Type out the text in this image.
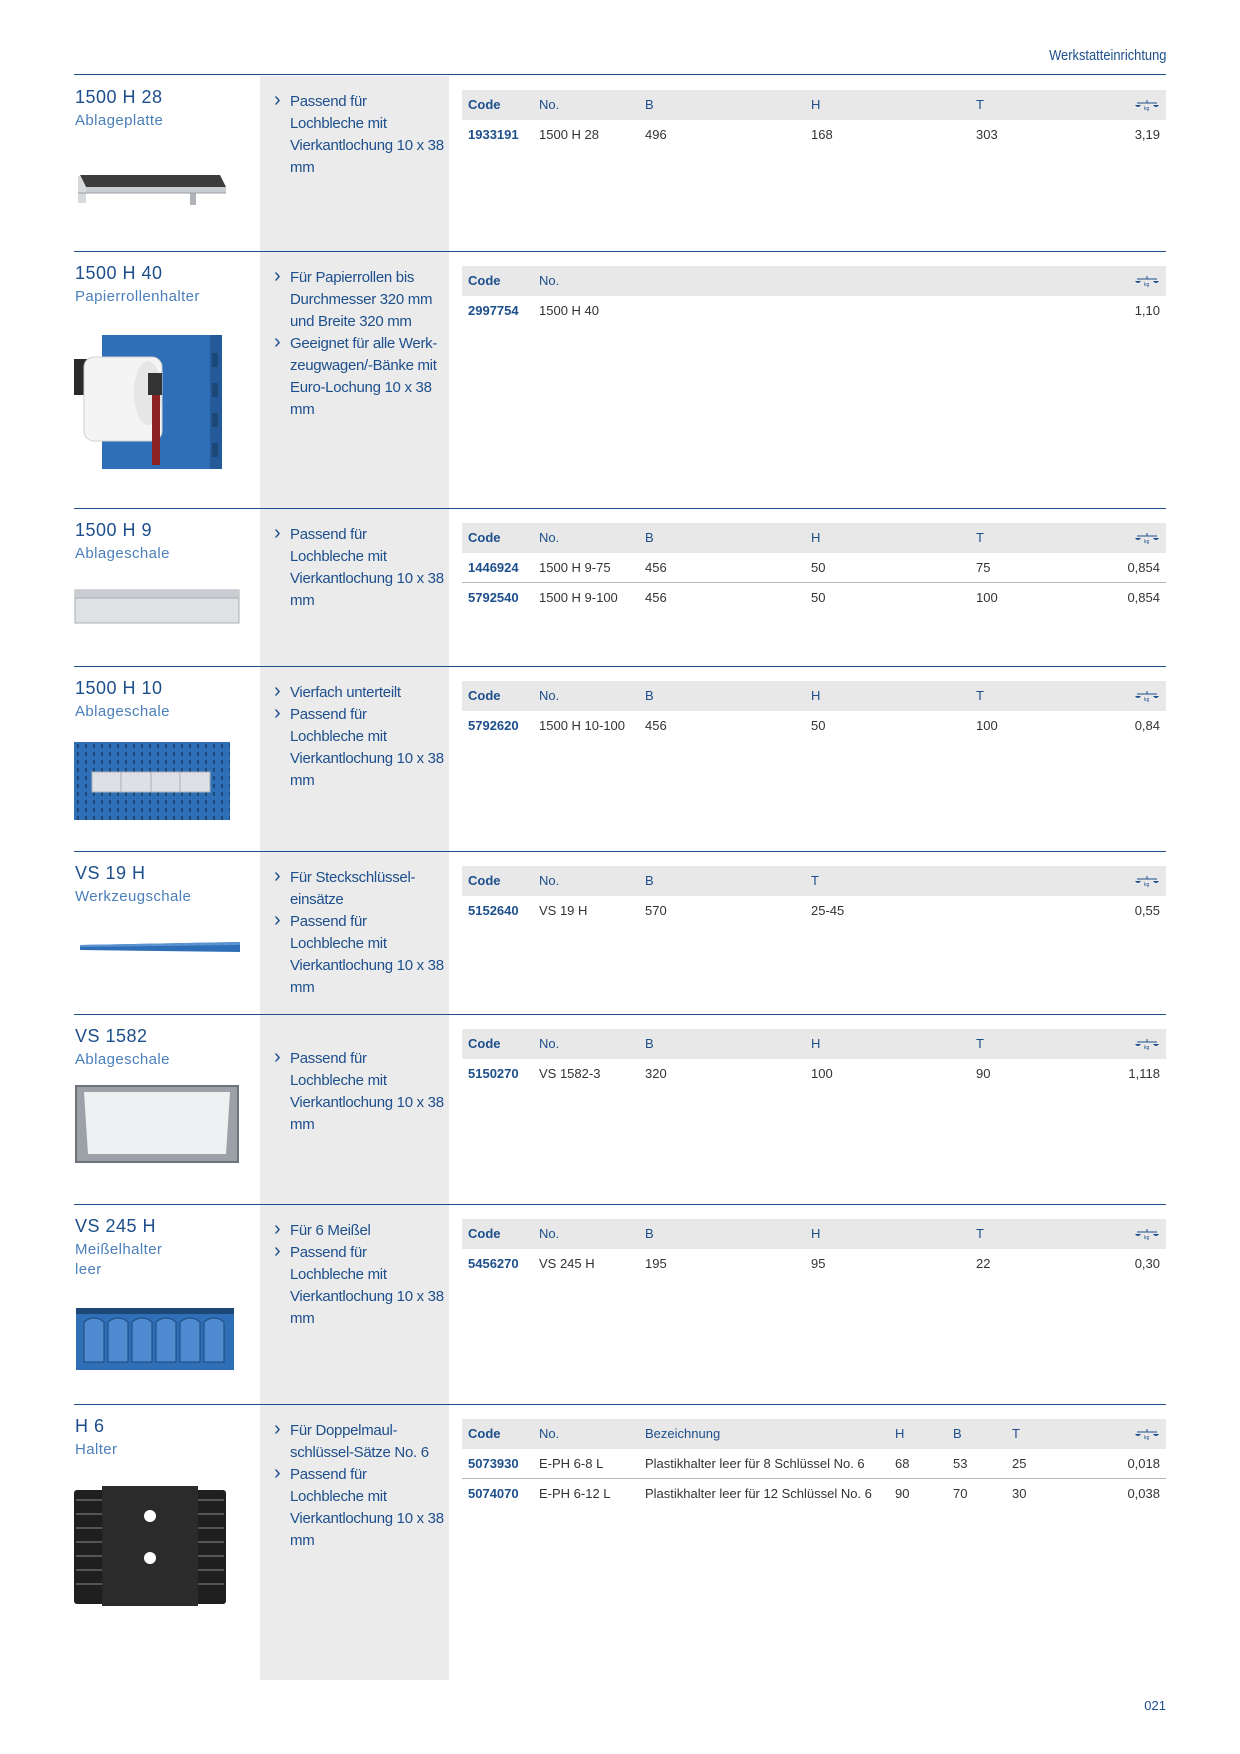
Werkstatteinrichtung
1500 H 28
Ablageplatte
› Passend für Lochbleche mit Vierkantlochung 10 x 38 mm
Code	No.	B	H	T	kg
1933191 1500 H 28	496	168	303	3,19
1500 H 40
Papierrollenhalter
› Für Papierrollen bis Durchmesser 320 mm und Breite 320 mm
› Geeignet für alle Werk-zeugwagen/-Bänke mit Euro-Lochung 10 x 38 mm
Code	No.	kg
2997754 1500 H 40	1,10
1500 H 9
Ablageschale
› Passend für Lochbleche mit Vierkantlochung 10 x 38 mm
Code	No.	B	H	T	kg
1446924 1500 H 9-75	456	50	75	0,854
5792540 1500 H 9-100 456	50	100	0,854
1500 H 10
Ablageschale
› Vierfach unterteilt
› Passend für Lochbleche mit Vierkantlochung 10 x 38 mm
Code	No.	B	H	T	kg
5792620 1500 H 10-100 456	50	100	0,84
VS 19 H
Werkzeugschale
› Für Steckschlüssel-einsätze
› Passend für Lochbleche mit Vierkantlochung 10 x 38 mm
Code	No.	B	T	kg
5152640 VS 19 H	570	25-45	0,55
VS 1582
Ablageschale
›	Passend für Lochbleche mit Vierkantlochung 10 x 38 mm
Code	No.	B	H	T	kg
5150270 VS 1582-3	320	100	90	1,118
VS 245 H
Meißelhalter leer
› Für 6 Meißel
› Passend für Lochbleche mit Vierkantlochung 10 x 38 mm
Code	No.	B	H	T	kg
5456270 VS 245 H	195	95	22	0,30
H 6
Halter
› Für Doppelmaul-schlüssel-Sätze No. 6
› Passend für Lochbleche mit Vierkantlochung 10 x 38 mm
Code	No.	Bezeichnung	H	B	T	kg
5073930 E-PH 6-8 L	Plastikhalter leer für 8 Schlüssel No. 6 68	53	25	0,018
5074070 E-PH 6-12 L	Plastikhalter leer für 12 Schlüssel No. 6 90	70	30	0,038
021
